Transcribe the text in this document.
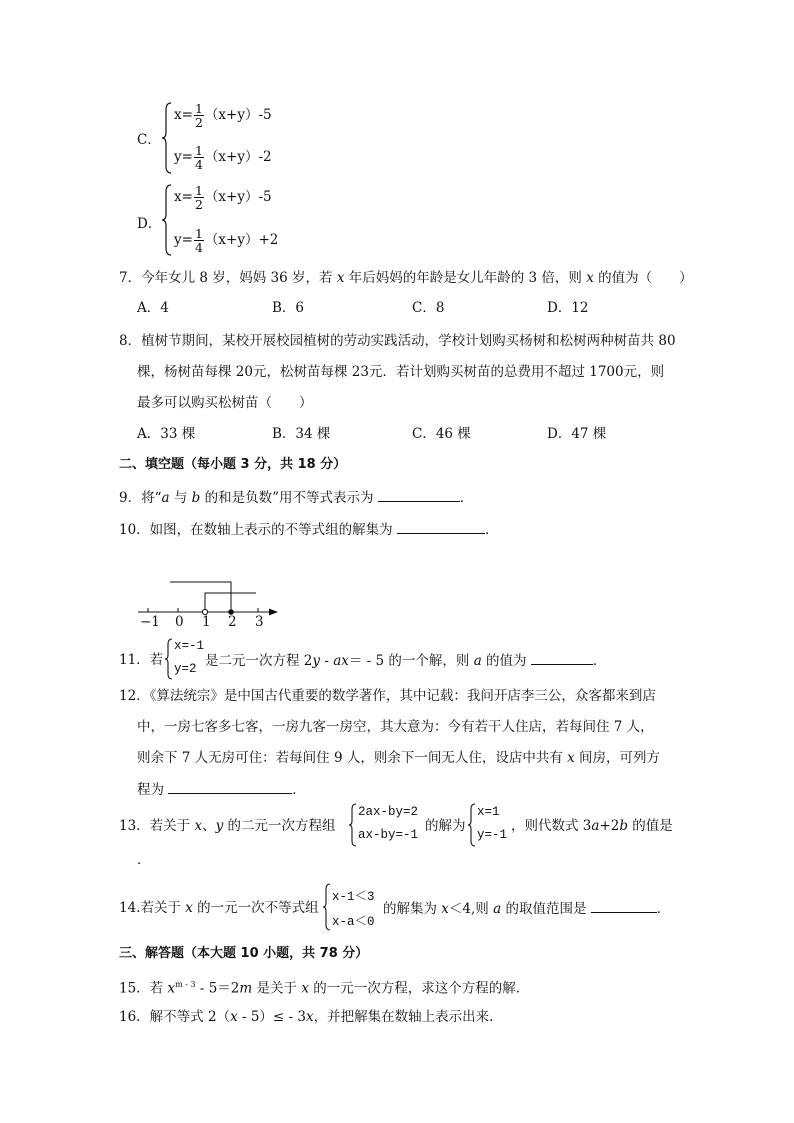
C．
$x= \frac{1}{2} (x+y)-5$
$y= \frac{1}{4} (x+y)-2$
D．
$x= \frac{1}{2} (x+y)-5$
$y= \frac{1}{4} (x+y)+2$
7．今年女儿 8 岁，妈妈 36 岁，若 x 年后妈妈的年龄是女儿年龄的 3 倍，则 x 的值为（　　）
A．4	B．6	C．8	D．12
8．植树节期间，某校开展校园植树的劳动实践活动，学校计划购买杨树和松树两种树苗共 80
棵，杨树苗每棵 20元，松树苗每棵 23元．若计划购买树苗的总费用不超过 1700元，则
最多可以购买松树苗（　　）
A．33 棵	B．34 棵	C．46 棵	D．47 棵
二、填空题（每小题 3 分，共 18 分）
9．将“a 与 b 的和是负数”用不等式表示为	．
10．如图，在数轴上表示的不等式组的解集为	．
−1 0 1 2 3
11．若
x=-1
y=2 是二元一次方程 2y - ax＝ - 5 的一个解，则 a 的值为	．
12．《算法统宗》是中国古代重要的数学著作，其中记载：我问开店李三公，众客都来到店
中，一房七客多七客，一房九客一房空，其大意为：今有若干人住店，若每间住 7 人，
则余下 7 人无房可住：若每间住 9 人，则余下一间无人住，设店中共有 x 间房，可列方
程为	．
13．若关于 x、y 的二元一次方程组
2ax-by=2
ax-by=-1
的解为
x=1
y=-1
，则代数式 3a+2b 的值是
．
14.若关于 x 的一元一次不等式组
x-1＜3
x-a＜0
的解集为 x＜4,则 a 的取值范围是	．
三、解答题（本大题 10 小题，共 78 分）
15．若 $x^{m - 3} - 5=2m$ 是关于 x 的一元一次方程，求这个方程的解．
16．解不等式 2（x - 5）≤ - 3x，并把解集在数轴上表示出来．
